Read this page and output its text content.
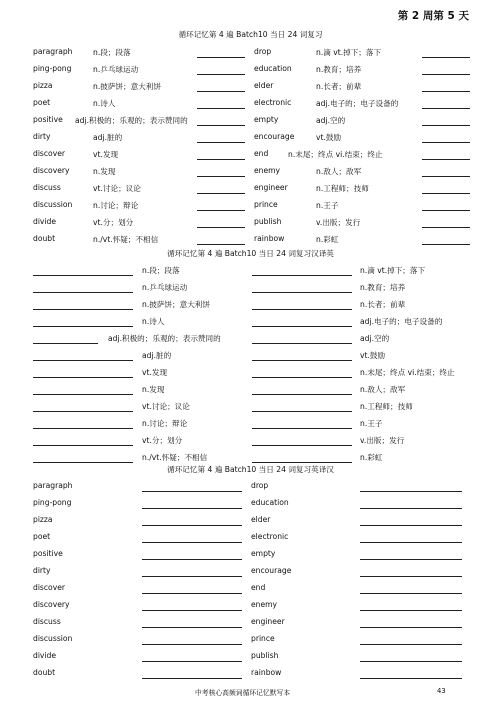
第 2 周第 5 天
循环记忆第 4 遍 Batch10 当日 24 词复习
paragraph	n.段；段落	drop	n.滴 vt.掉下；落下
ping-pong	n.乒乓球运动	education	n.教育；培养
pizza	n.披萨饼；意大利饼	elder	n.长者；前辈
poet	n.诗人	electronic	adj.电子的；电子设备的
positive adj.积极的；乐观的；表示赞同的	empty	adj.空的
dirty	adj.脏的	encourage	vt.鼓励
discover	vt.发现	end	n.末尾；终点 vi.结束；终止
discovery	n.发现	enemy	n.敌人；敌军
discuss	vt.讨论；议论	engineer	n.工程师；技师
discussion	n.讨论；辩论	prince	n.王子
divide	vt.分；划分	publish	v.出版；发行
doubt	n./vt.怀疑；不相信	rainbow	n.彩虹
循环记忆第 4 遍 Batch10 当日 24 词复习汉译英
n.段；段落	n.滴 vt.掉下；落下
n.乒乓球运动	n.教育；培养
n.披萨饼；意大利饼	n.长者；前辈
n.诗人	adj.电子的；电子设备的
adj.积极的；乐观的；表示赞同的	adj.空的
adj.脏的	vt.鼓励
vt.发现	n.末尾；终点 vi.结束；终止
n.发现	n.敌人；敌军
vt.讨论；议论	n.工程师；技师
n.讨论；辩论	n.王子
vt.分；划分	v.出版；发行
n./vt.怀疑；不相信	n.彩虹
循环记忆第 4 遍 Batch10 当日 24 词复习英译汉
paragraph	drop
ping-pong	education
pizza	elder
poet	electronic
positive	empty
dirty	encourage
discover	end
discovery	enemy
discuss	engineer
discussion	prince
divide	publish
doubt	rainbow
中考核心高频词循环记忆默写本	43
